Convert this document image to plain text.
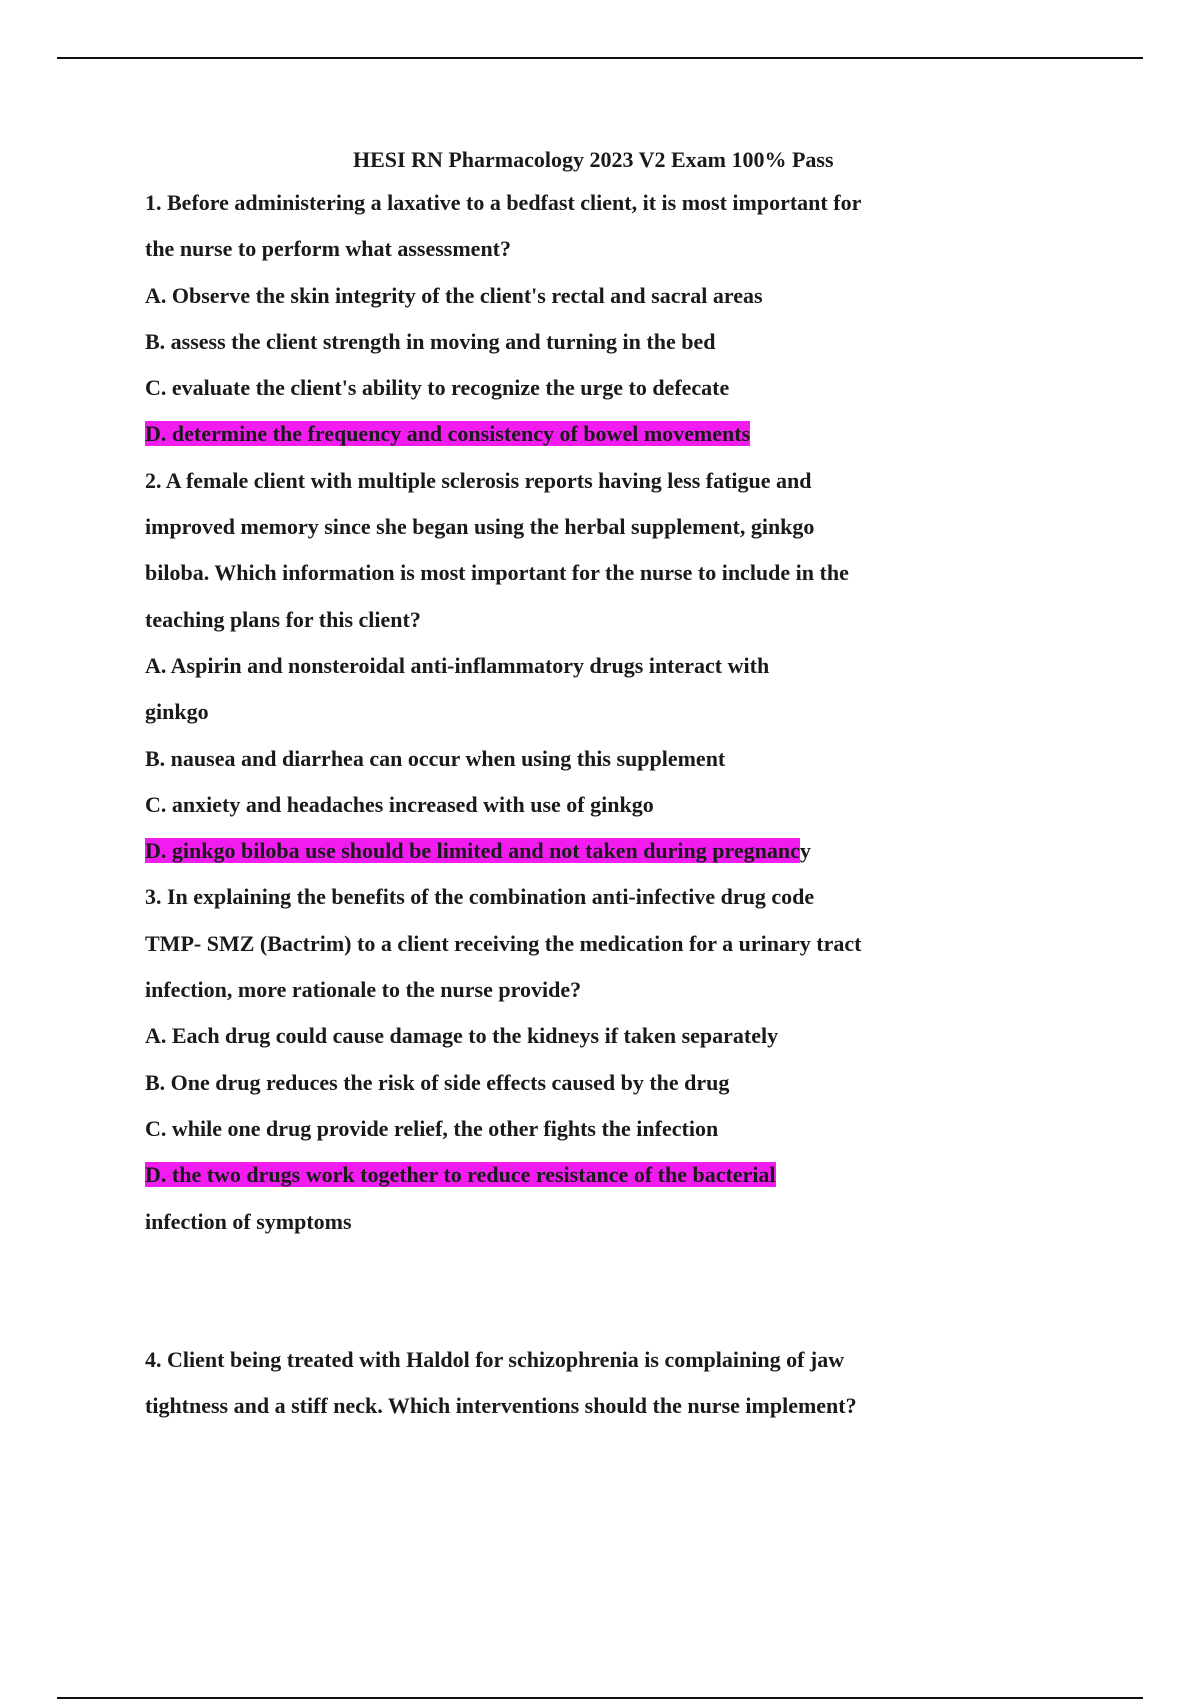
HESI RN Pharmacology 2023 V2 Exam 100% Pass
1. Before administering a laxative to a bedfast client, it is most important for
the nurse to perform what assessment?
A. Observe the skin integrity of the client's rectal and sacral areas
B. assess the client strength in moving and turning in the bed
C. evaluate the client's ability to recognize the urge to defecate
D. determine the frequency and consistency of bowel movements
2. A female client with multiple sclerosis reports having less fatigue and
improved memory since she began using the herbal supplement, ginkgo
biloba. Which information is most important for the nurse to include in the
teaching plans for this client?
A. Aspirin and nonsteroidal anti-inflammatory drugs interact with
ginkgo
B. nausea and diarrhea can occur when using this supplement
C. anxiety and headaches increased with use of ginkgo
D. ginkgo biloba use should be limited and not taken during pregnancy
3. In explaining the benefits of the combination anti-infective drug code
TMP- SMZ (Bactrim) to a client receiving the medication for a urinary tract
infection, more rationale to the nurse provide?
A. Each drug could cause damage to the kidneys if taken separately
B. One drug reduces the risk of side effects caused by the drug
C. while one drug provide relief, the other fights the infection
D. the two drugs work together to reduce resistance of the bacterial
infection of symptoms
4. Client being treated with Haldol for schizophrenia is complaining of jaw
tightness and a stiff neck. Which interventions should the nurse implement?
